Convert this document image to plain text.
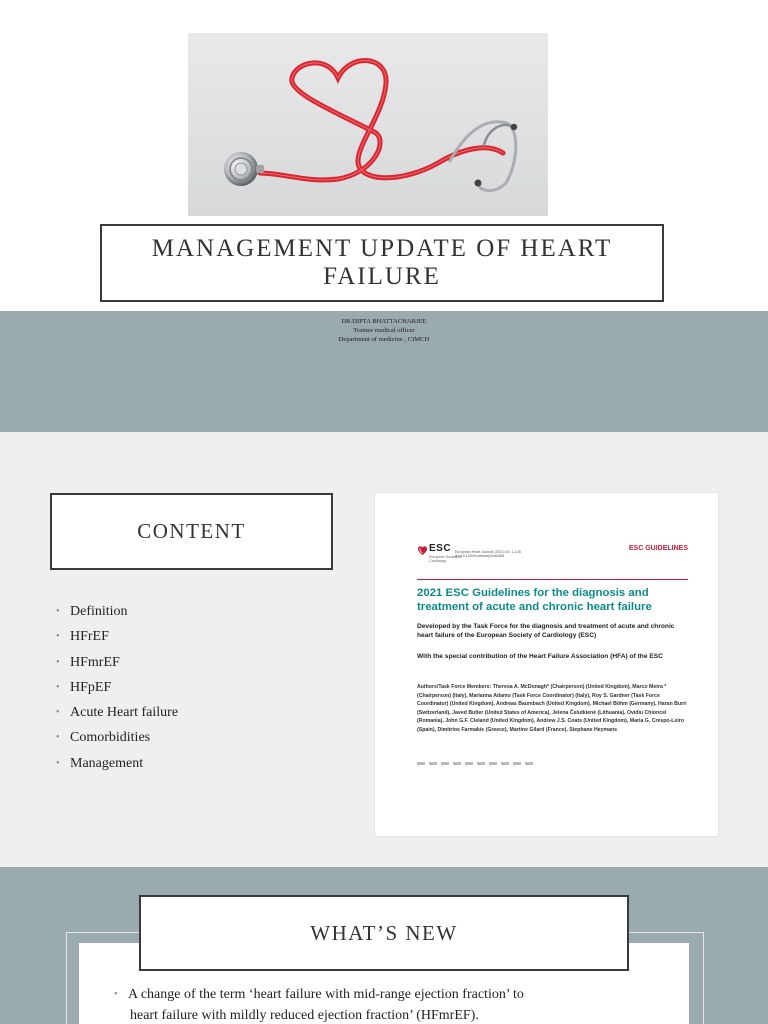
MANAGEMENT UPDATE OF HEART FAILURE
DR.DIPTA BHATTACHARJEE
Trainee medical officer
Department of medicine , CIMCH
CONTENT
• Definition
• HFrEF
• HFmrEF
• HFpEF
• Acute Heart failure
• Comorbidities
• Management
ESC
European Society of Cardiology
European Heart Journal (2021) 00, 1-128
doi:10.1093/eurheartj/ehab368
ESC GUIDELINES
2021 ESC Guidelines for the diagnosis and treatment of acute and chronic heart failure
Developed by the Task Force for the diagnosis and treatment of acute and chronic heart failure of the European Society of Cardiology (ESC)
With the special contribution of the Heart Failure Association (HFA) of the ESC
Authors/Task Force Members: Theresa A. McDonagh* (Chairperson) (United Kingdom), Marco Metra * (Chairperson) (Italy), Marianna Adamo (Task Force Coordinator) (Italy), Roy S. Gardner (Task Force Coordinator) (United Kingdom), Andreas Baumbach (United Kingdom), Michael Böhm (Germany), Haran Burri (Switzerland), Javed Butler (United States of America), Jelena Čelutkienė (Lithuania), Ovidiu Chioncel (Romania), John G.F. Cleland (United Kingdom), Andrew J.S. Coats (United Kingdom), Maria G. Crespo-Leiro (Spain), Dimitrios Farmakis (Greece), Martine Gilard (France), Stephane Heymans
WHAT’S NEW
• A change of the term ‘heart failure with mid-range ejection fraction’ to
heart failure with mildly reduced ejection fraction’ (HFmrEF).
